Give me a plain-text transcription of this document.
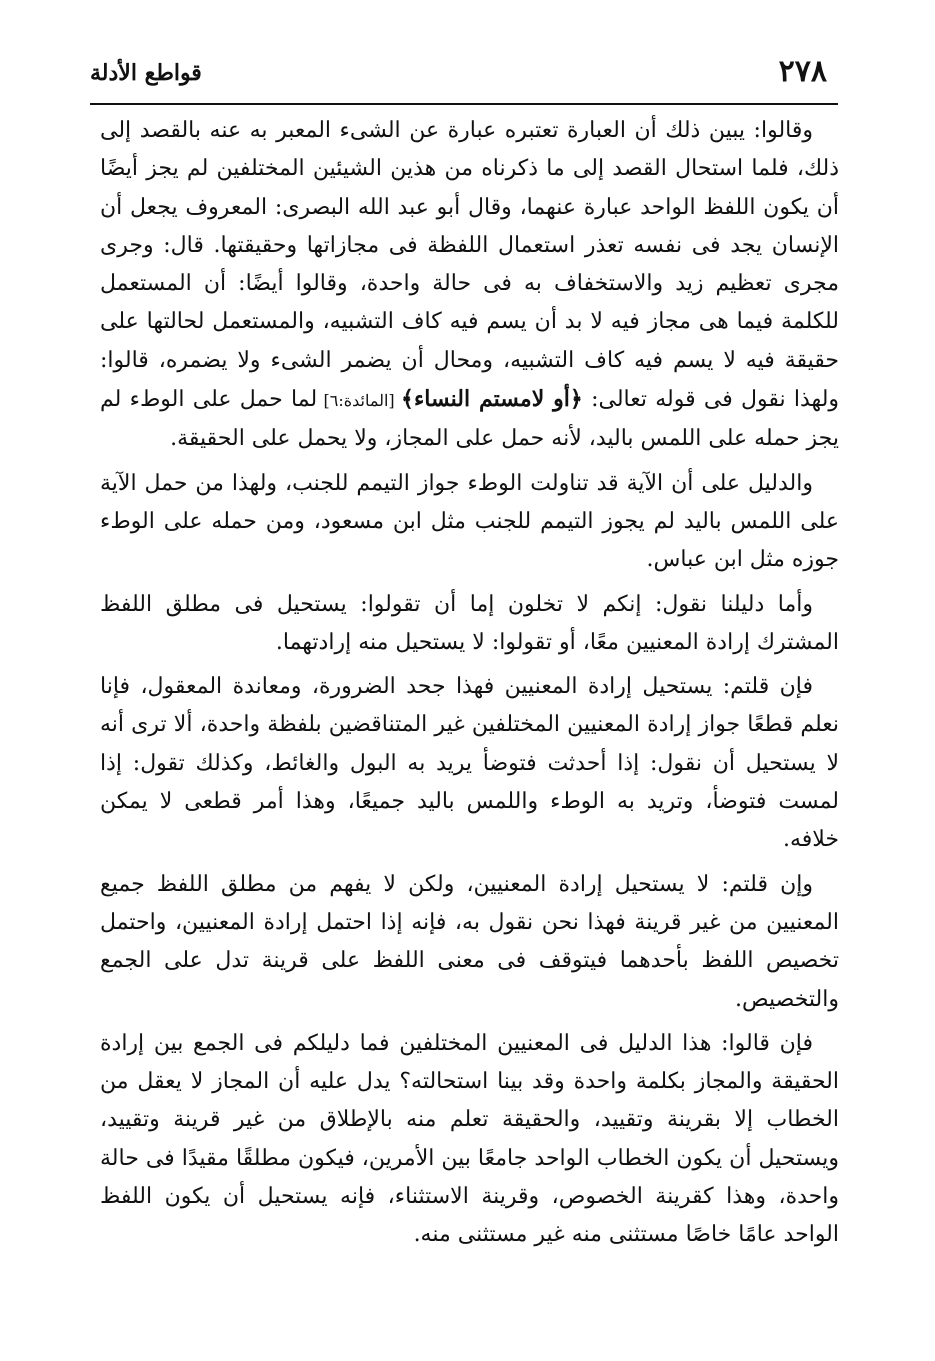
٢٧٨
قواطع الأدلة

وقالوا: يبين ذلك أن العبارة تعتبره عبارة عن الشىء المعبر به عنه بالقصد إلى ذلك، فلما استحال القصد إلى ما ذكرناه من هذين الشيئين المختلفين لم يجز أيضًا أن يكون اللفظ الواحد عبارة عنهما، وقال أبو عبد الله البصرى: المعروف يجعل أن الإنسان يجد فى نفسه تعذر استعمال اللفظة فى مجازاتها وحقيقتها. قال: وجرى مجرى تعظيم زيد والاستخفاف به فى حالة واحدة، وقالوا أيضًا: أن المستعمل للكلمة فيما هى مجاز فيه لا بد أن يسم فيه كاف التشبيه، والمستعمل لحالتها على حقيقة فيه لا يسم فيه كاف التشبيه، ومحال أن يضمر الشىء ولا يضمره، قالوا: ولهذا نقول فى قوله تعالى: ﴿أو لامستم النساء﴾ [المائدة:٦] لما حمل على الوطء لم يجز حمله على اللمس باليد، لأنه حمل على المجاز، ولا يحمل على الحقيقة.

والدليل على أن الآية قد تناولت الوطء جواز التيمم للجنب، ولهذا من حمل الآية على اللمس باليد لم يجوز التيمم للجنب مثل ابن مسعود، ومن حمله على الوطء جوزه مثل ابن عباس.

وأما دليلنا نقول: إنكم لا تخلون إما أن تقولوا: يستحيل فى مطلق اللفظ المشترك إرادة المعنيين معًا، أو تقولوا: لا يستحيل منه إرادتهما.

فإن قلتم: يستحيل إرادة المعنيين فهذا جحد الضرورة، ومعاندة المعقول، فإنا نعلم قطعًا جواز إرادة المعنيين المختلفين غير المتناقضين بلفظة واحدة، ألا ترى أنه لا يستحيل أن نقول: إذا أحدثت فتوضأ يريد به البول والغائط، وكذلك تقول: إذا لمست فتوضأ، وتريد به الوطء واللمس باليد جميعًا، وهذا أمر قطعى لا يمكن خلافه.

وإن قلتم: لا يستحيل إرادة المعنيين، ولكن لا يفهم من مطلق اللفظ جميع المعنيين من غير قرينة فهذا نحن نقول به، فإنه إذا احتمل إرادة المعنيين، واحتمل تخصيص اللفظ بأحدهما فيتوقف فى معنى اللفظ على قرينة تدل على الجمع والتخصيص.

فإن قالوا: هذا الدليل فى المعنيين المختلفين فما دليلكم فى الجمع بين إرادة الحقيقة والمجاز بكلمة واحدة وقد بينا استحالته؟ يدل عليه أن المجاز لا يعقل من الخطاب إلا بقرينة وتقييد، والحقيقة تعلم منه بالإطلاق من غير قرينة وتقييد، ويستحيل أن يكون الخطاب الواحد جامعًا بين الأمرين، فيكون مطلقًا مقيدًا فى حالة واحدة، وهذا كقرينة الخصوص، وقرينة الاستثناء، فإنه يستحيل أن يكون اللفظ الواحد عامًا خاصًا مستثنى منه غير مستثنى منه.
